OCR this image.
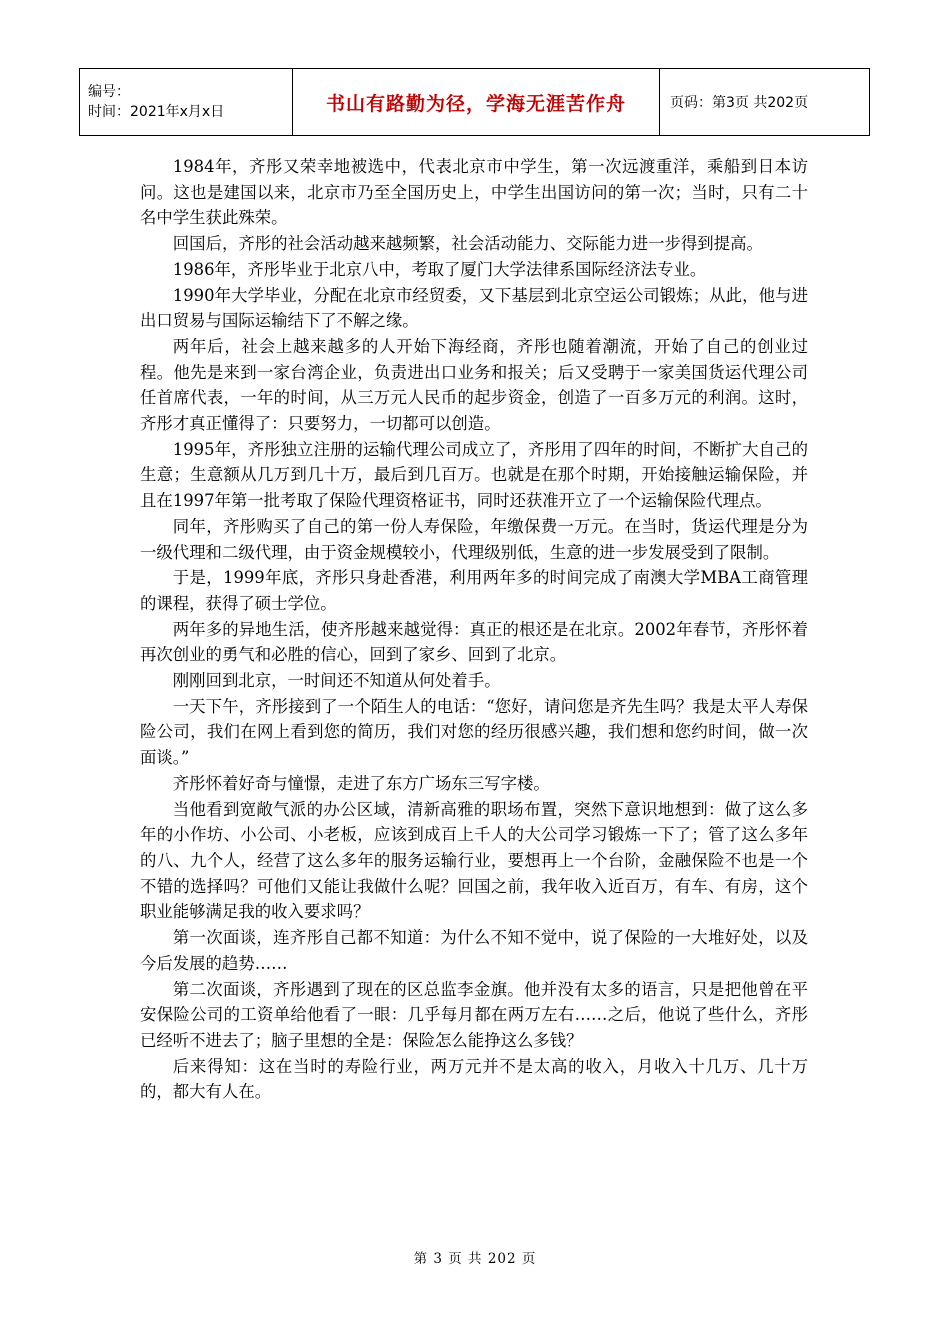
编号：
时间：2021年x月x日	书山有路勤为径，学海无涯苦作舟	页码：第3页 共202页

1984年，齐彤又荣幸地被选中，代表北京市中学生，第一次远渡重洋，乘船到日本访问。这也是建国以来，北京市乃至全国历史上，中学生出国访问的第一次；当时，只有二十名中学生获此殊荣。

回国后，齐彤的社会活动越来越频繁，社会活动能力、交际能力进一步得到提高。

1986年，齐彤毕业于北京八中，考取了厦门大学法律系国际经济法专业。

1990年大学毕业，分配在北京市经贸委，又下基层到北京空运公司锻炼；从此，他与进出口贸易与国际运输结下了不解之缘。

两年后，社会上越来越多的人开始下海经商，齐彤也随着潮流，开始了自己的创业过程。他先是来到一家台湾企业，负责进出口业务和报关；后又受聘于一家美国货运代理公司任首席代表，一年的时间，从三万元人民币的起步资金，创造了一百多万元的利润。这时，齐彤才真正懂得了：只要努力，一切都可以创造。

1995年，齐彤独立注册的运输代理公司成立了，齐彤用了四年的时间，不断扩大自己的生意；生意额从几万到几十万，最后到几百万。也就是在那个时期，开始接触运输保险，并且在1997年第一批考取了保险代理资格证书，同时还获准开立了一个运输保险代理点。

同年，齐彤购买了自己的第一份人寿保险，年缴保费一万元。在当时，货运代理是分为一级代理和二级代理，由于资金规模较小，代理级别低，生意的进一步发展受到了限制。

于是，1999年底，齐彤只身赴香港，利用两年多的时间完成了南澳大学MBA工商管理的课程，获得了硕士学位。

两年多的异地生活，使齐彤越来越觉得：真正的根还是在北京。2002年春节，齐彤怀着再次创业的勇气和必胜的信心，回到了家乡、回到了北京。

刚刚回到北京，一时间还不知道从何处着手。

一天下午，齐彤接到了一个陌生人的电话：“您好，请问您是齐先生吗？我是太平人寿保险公司，我们在网上看到您的简历，我们对您的经历很感兴趣，我们想和您约时间，做一次面谈。”

齐彤怀着好奇与憧憬，走进了东方广场东三写字楼。

当他看到宽敞气派的办公区域，清新高雅的职场布置，突然下意识地想到：做了这么多年的小作坊、小公司、小老板，应该到成百上千人的大公司学习锻炼一下了；管了这么多年的八、九个人，经营了这么多年的服务运输行业，要想再上一个台阶，金融保险不也是一个不错的选择吗？可他们又能让我做什么呢？回国之前，我年收入近百万，有车、有房，这个职业能够满足我的收入要求吗？

第一次面谈，连齐彤自己都不知道：为什么不知不觉中，说了保险的一大堆好处，以及今后发展的趋势……

第二次面谈，齐彤遇到了现在的区总监李金旗。他并没有太多的语言，只是把他曾在平安保险公司的工资单给他看了一眼：几乎每月都在两万左右……之后，他说了些什么，齐彤已经听不进去了；脑子里想的全是：保险怎么能挣这么多钱？

后来得知：这在当时的寿险行业，两万元并不是太高的收入，月收入十几万、几十万的，都大有人在。

第 3 页 共 202 页
